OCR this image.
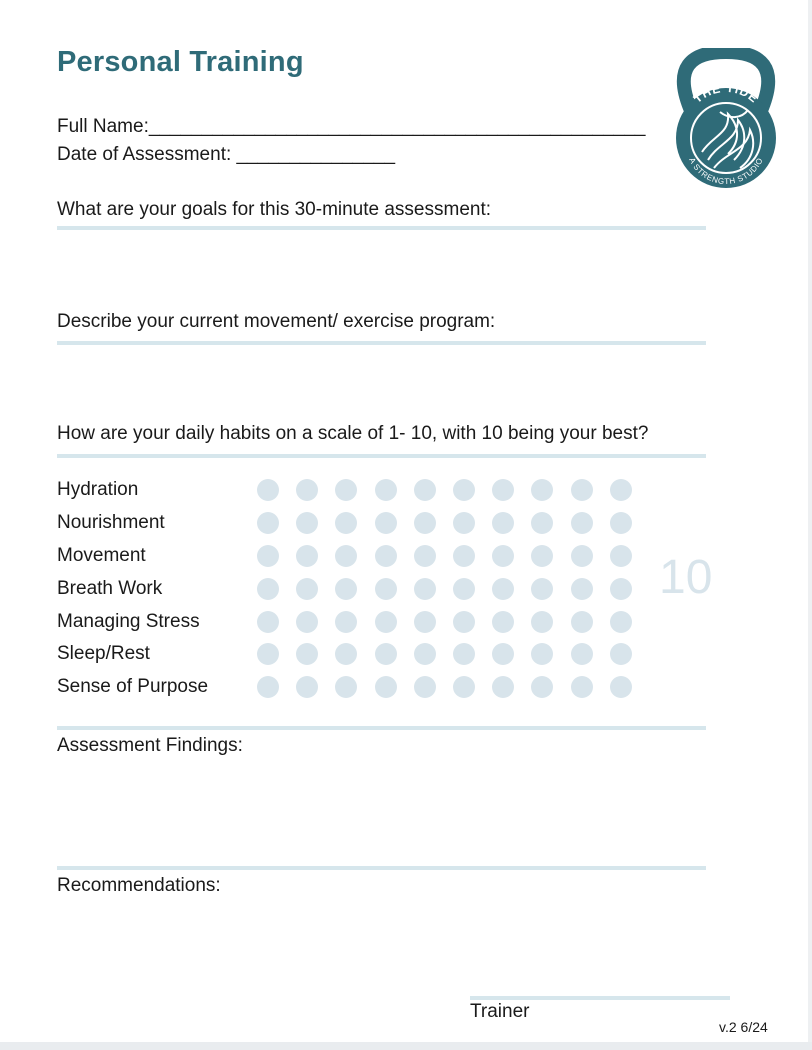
Personal Training
THE TIDE
A STRENGTH STUDIO
Full Name:_______________________________________________
Date of Assessment: _______________
What are your goals for this 30-minute assessment:
Describe your current movement/ exercise program:
How are your daily habits on a scale of 1- 10, with 10 being your best?
Hydration
Nourishment
Movement
Breath Work
Managing Stress
Sleep/Rest
Sense of Purpose
10
Assessment Findings:
Recommendations:
Trainer
v.2 6/24
